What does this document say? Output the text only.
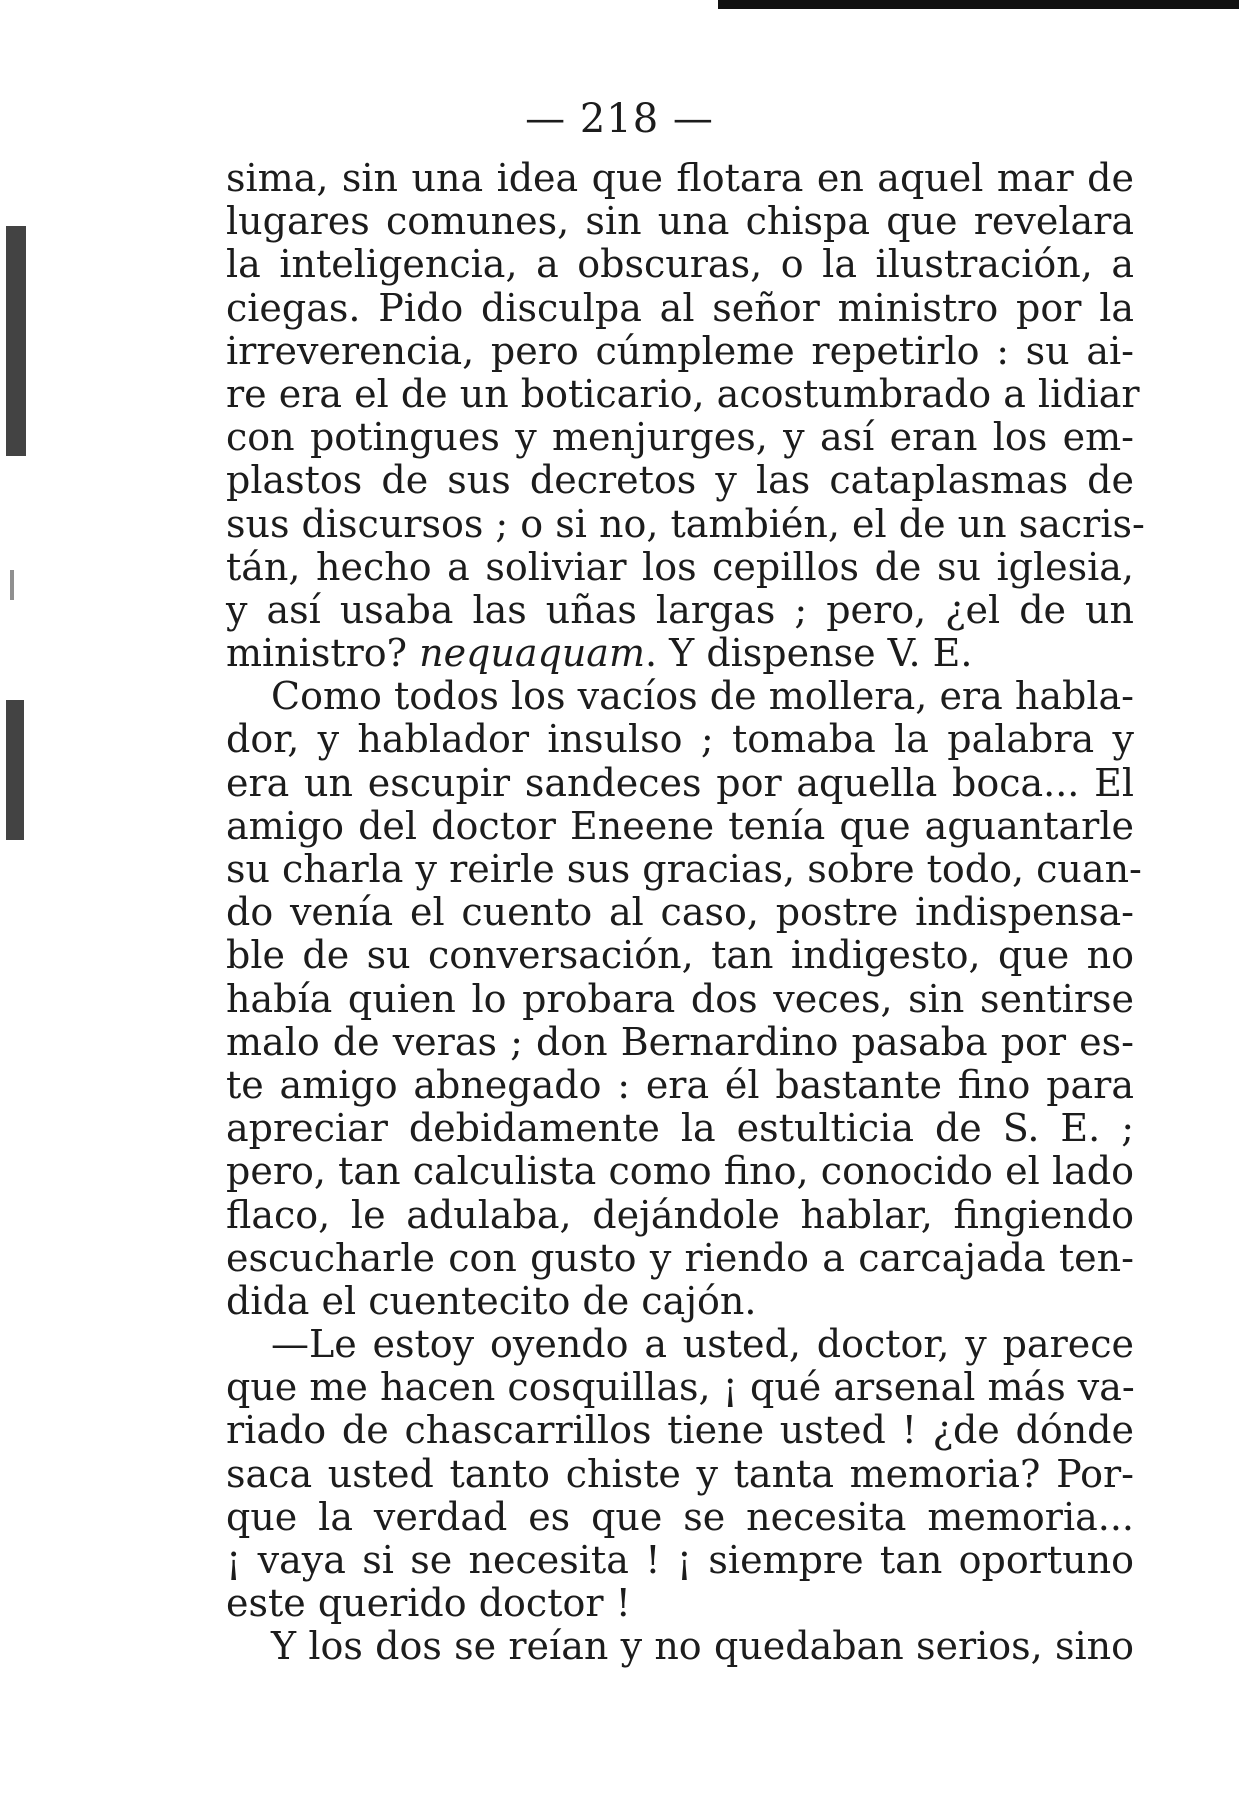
— 218 —
sima, sin una idea que flotara en aquel mar de
lugares comunes, sin una chispa que revelara
la inteligencia, a obscuras, o la ilustración, a
ciegas. Pido disculpa al señor ministro por la
irreverencia, pero cúmpleme repetirlo : su ai-
re era el de un boticario, acostumbrado a lidiar
con potingues y menjurges, y así eran los em-
plastos de sus decretos y las cataplasmas de
sus discursos ; o si no, también, el de un sacris-
tán, hecho a soliviar los cepillos de su iglesia,
y así usaba las uñas largas ; pero, ¿el de un
ministro? nequaquam. Y dispense V. E.
Como todos los vacíos de mollera, era habla-
dor, y hablador insulso ; tomaba la palabra y
era un escupir sandeces por aquella boca... El
amigo del doctor Eneene tenía que aguantarle
su charla y reirle sus gracias, sobre todo, cuan-
do venía el cuento al caso, postre indispensa-
ble de su conversación, tan indigesto, que no
había quien lo probara dos veces, sin sentirse
malo de veras ; don Bernardino pasaba por es-
te amigo abnegado : era él bastante fino para
apreciar debidamente la estulticia de S. E. ;
pero, tan calculista como fino, conocido el lado
flaco, le adulaba, dejándole hablar, fingiendo
escucharle con gusto y riendo a carcajada ten-
dida el cuentecito de cajón.
—Le estoy oyendo a usted, doctor, y parece
que me hacen cosquillas, ¡ qué arsenal más va-
riado de chascarrillos tiene usted ! ¿de dónde
saca usted tanto chiste y tanta memoria? Por-
que la verdad es que se necesita memoria...
¡ vaya si se necesita ! ¡ siempre tan oportuno
este querido doctor !
Y los dos se reían y no quedaban serios, sino
